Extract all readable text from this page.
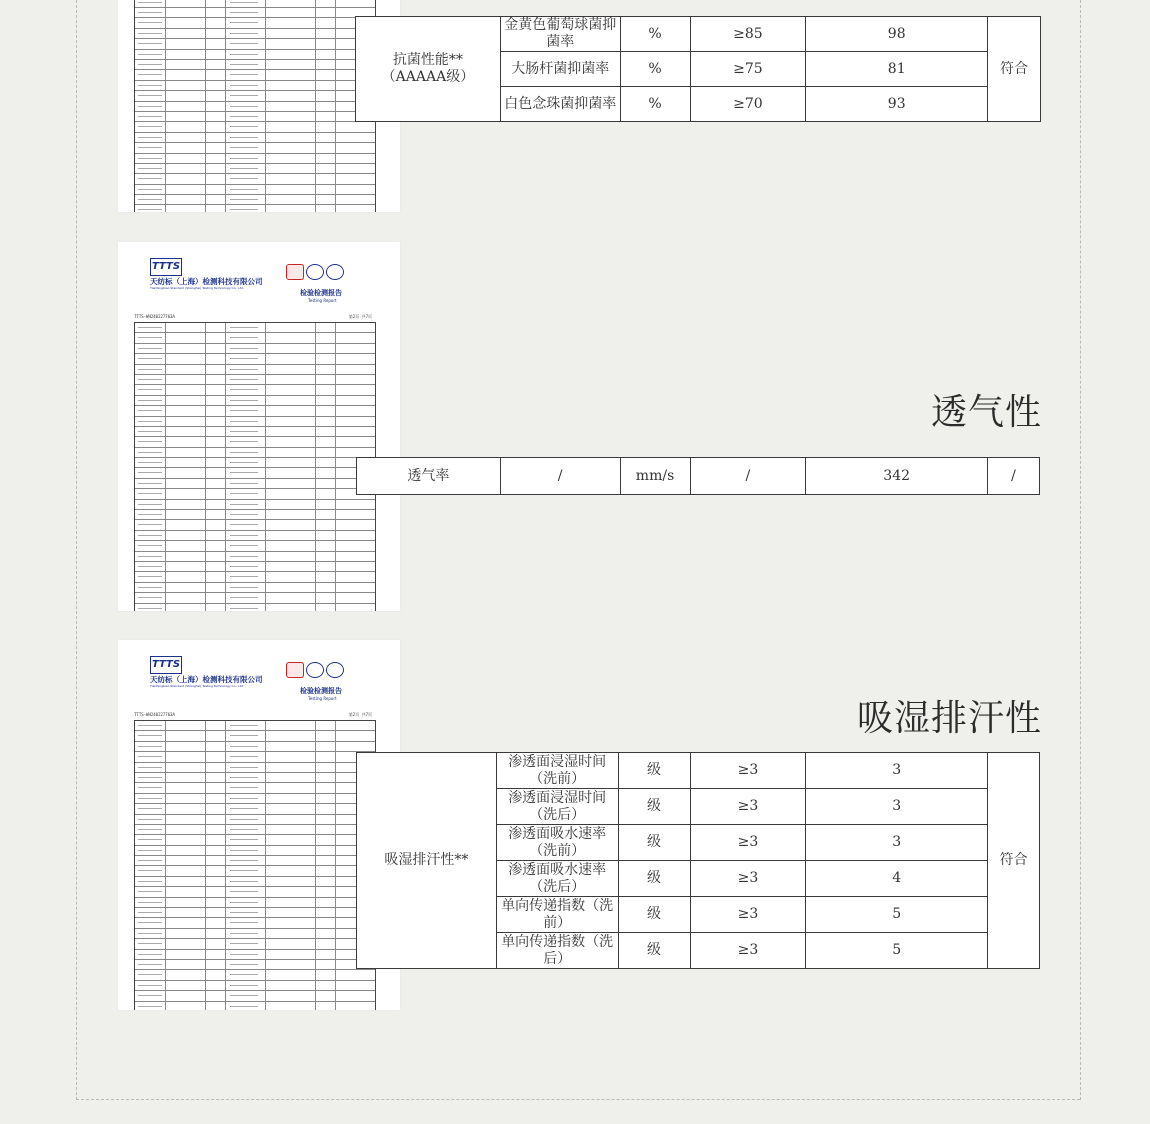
TTTS
天纺标（上海）检测科技有限公司
Tianfangbiao Standard (Shanghai) Testing Technology Co., Ltd.
检验检测报告
Testing Report
TTTS-WH240227763A	第2页 共7页
TTTS
天纺标（上海）检测科技有限公司
Tianfangbiao Standard (Shanghai) Testing Technology Co., Ltd.
检验检测报告
Testing Report
TTTS-WH240227763A	第2页 共7页
抗菌性能**
（AAAAA级）	金黄色葡萄球菌抑菌率	%	≥85	98	符合
	大肠杆菌抑菌率	%	≥75	81	
	白色念珠菌抑菌率	%	≥70	93	
透气性
透气率	/	mm/s	/	342	/
吸湿排汗性
吸湿排汗性**	渗透面浸湿时间（洗前）	级	≥3	3	符合
	渗透面浸湿时间（洗后）	级	≥3	3	
	渗透面吸水速率（洗前）	级	≥3	3	
	渗透面吸水速率（洗后）	级	≥3	4	
	单向传递指数（洗前）	级	≥3	5	
	单向传递指数（洗后）	级	≥3	5	
